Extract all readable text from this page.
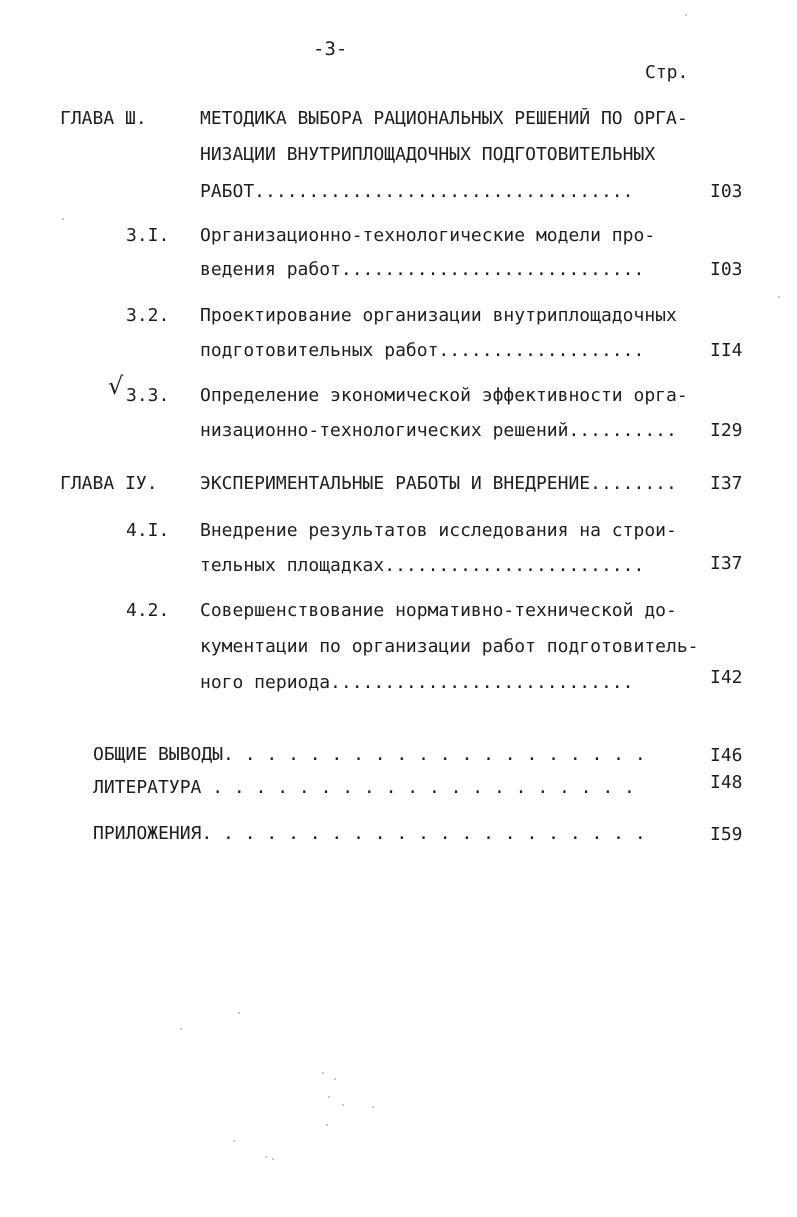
-3-
Стр.
ГЛАВА Ш.	МЕТОДИКА ВЫБОРА РАЦИОНАЛЬНЫХ РЕШЕНИЙ ПО ОРГА-
НИЗАЦИИ ВНУТРИПЛОЩАДОЧНЫХ ПОДГОТОВИТЕЛЬНЫХ
РАБОТ...................................	I03
3.I. Организационно-технологические модели про-
ведения работ............................	I03
3.2. Проектирование организации внутриплощадочных
подготовительных работ...................	II4
√ 3.3. Определение экономической эффективности орга-
низационно-технологических решений..........	I29
ГЛАВА IУ. ЭКСПЕРИМЕНТАЛЬНЫЕ РАБОТЫ И ВНЕДРЕНИЕ........	I37
4.I. Внедрение результатов исследования на строи-
тельных площадках........................	I37
4.2. Совершенствование нормативно-технической до-
кументации по организации работ подготовитель-
ного периода............................	I42
ОБЩИЕ ВЫВОДЫ. . . . . . . . . . . . . . . . . . . .	I46
ЛИТЕРАТУРА . . . . . . . . . . . . . . . . . . . .	I48
ПРИЛОЖЕНИЯ. . . . . . . . . . . . . . . . . . . . .	I59
